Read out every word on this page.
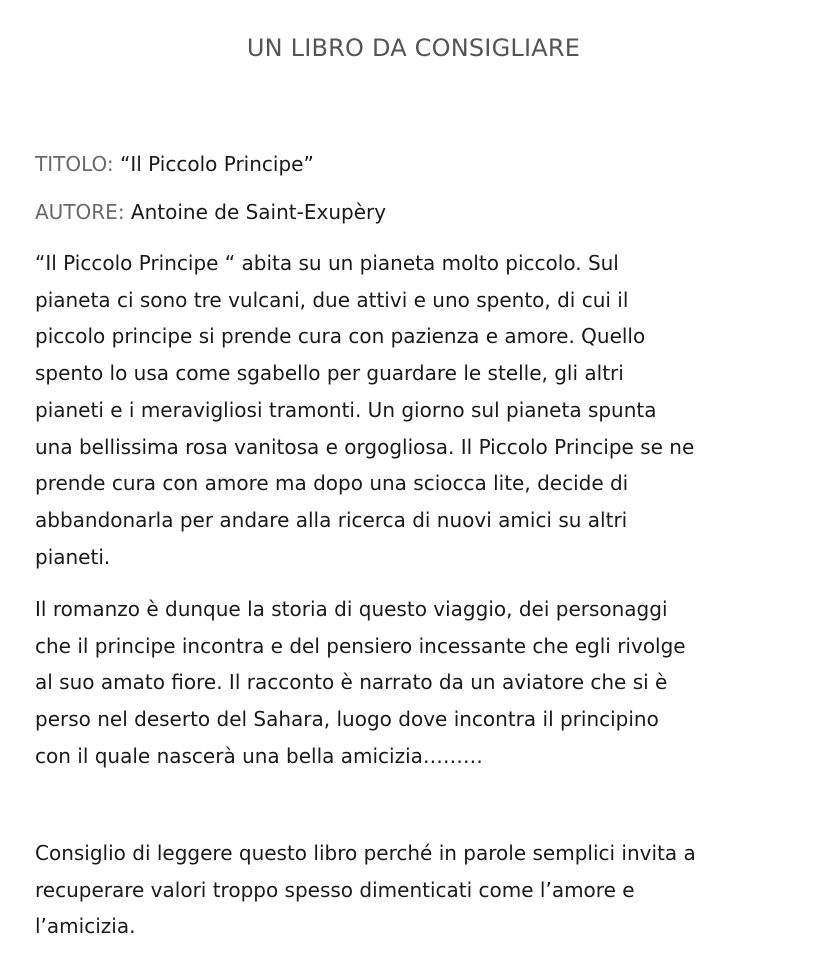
UN LIBRO DA CONSIGLIARE
TITOLO: “Il Piccolo Principe”
AUTORE: Antoine de Saint-Exupèry

“Il Piccolo Principe “ abita su un pianeta molto piccolo. Sul
pianeta ci sono tre vulcani, due attivi e uno spento, di cui il
piccolo principe si prende cura con pazienza e amore. Quello
spento lo usa come sgabello per guardare le stelle, gli altri
pianeti e i meravigliosi tramonti. Un giorno sul pianeta spunta
una bellissima rosa vanitosa e orgogliosa. Il Piccolo Principe se ne
prende cura con amore ma dopo una sciocca lite, decide di
abbandonarla per andare alla ricerca di nuovi amici su altri
pianeti.

Il romanzo è dunque la storia di questo viaggio, dei personaggi
che il principe incontra e del pensiero incessante che egli rivolge
al suo amato fiore. Il racconto è narrato da un aviatore che si è
perso nel deserto del Sahara, luogo dove incontra il principino
con il quale nascerà una bella amicizia………

Consiglio di leggere questo libro perché in parole semplici invita a
recuperare valori troppo spesso dimenticati come l’amore e
l’amicizia.
